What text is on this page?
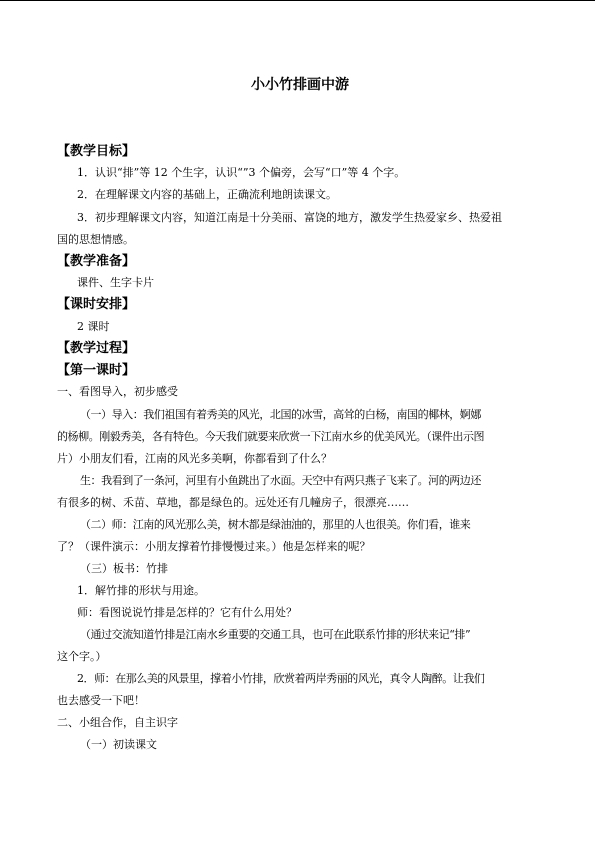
小小竹排画中游
【教学目标】
1．认识“排”等 12 个生字，认识“”3 个偏旁，会写“口”等 4 个字。
2．在理解课文内容的基础上，正确流利地朗读课文。
3．初步理解课文内容，知道江南是十分美丽、富饶的地方，激发学生热爱家乡、热爱祖
国的思想情感。
【教学准备】
课件、生字卡片
【课时安排】
2 课时
【教学过程】
【第一课时】
一、看图导入，初步感受
（一）导入：我们祖国有着秀美的风光，北国的冰雪，高耸的白杨，南国的椰林，婀娜
的杨柳。刚毅秀美，各有特色。今天我们就要来欣赏一下江南水乡的优美风光。（课件出示图
片）小朋友们看，江南的风光多美啊，你都看到了什么？
生：我看到了一条河，河里有小鱼跳出了水面。天空中有两只燕子飞来了。河的两边还
有很多的树、禾苗、草地，都是绿色的。远处还有几幢房子，很漂亮……
（二）师：江南的风光那么美，树木都是绿油油的，那里的人也很美。你们看，谁来
了？（课件演示：小朋友撑着竹排慢慢过来。）他是怎样来的呢？
（三）板书：竹排
1．解竹排的形状与用途。
师：看图说说竹排是怎样的？它有什么用处？
（通过交流知道竹排是江南水乡重要的交通工具，也可在此联系竹排的形状来记“排”
这个字。）
2．师：在那么美的风景里，撑着小竹排，欣赏着两岸秀丽的风光，真令人陶醉。让我们
也去感受一下吧！
二、小组合作，自主识字
（一）初读课文
